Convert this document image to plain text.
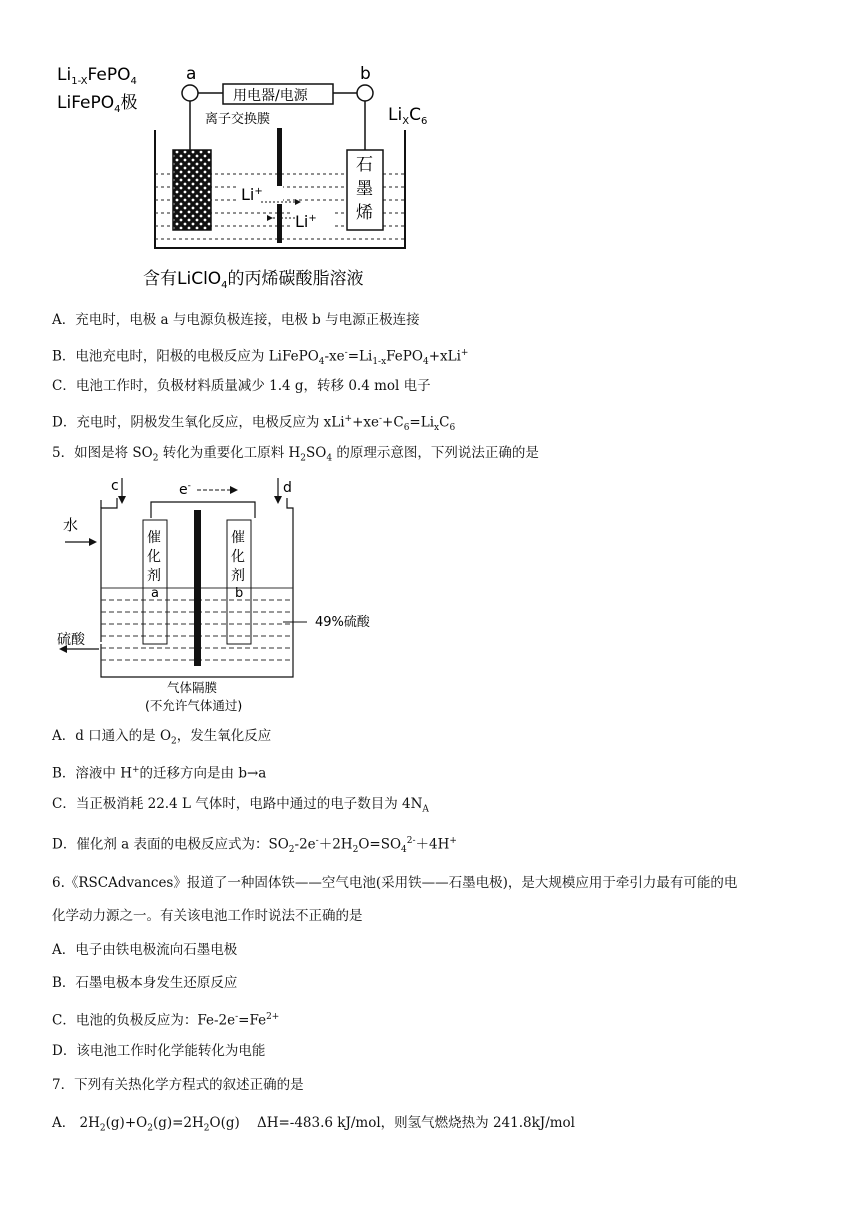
$Li_{1-X}FePO_4$
LiFePO$_4$极
a	b
用电器/电源
$Li_XC_6$
离子交换膜
石
墨
烯
Li+
Li+
含有LiClO$_4$的丙烯碳酸脂溶液
A．充电时，电极 a 与电源负极连接，电极 b 与电源正极连接
B．电池充电时，阳极的电极反应为 $LiFePO_4-xe^-=Li_{1-x}FePO_4+xLi^+$
C．电池工作时，负极材料质量减少 1.4 g，转移 0.4 mol 电子
D．充电时，阴极发生氧化反应，电极反应为 $xLi^++xe^-+C_6=Li_xC_6$
5．如图是将 $SO_2$ 转化为重要化工原料 $H_2SO_4$ 的原理示意图，下列说法正确的是
c	d
e-
水
硫酸
催
化
剂
a
催
化
剂
b
49%硫酸
气体隔膜
(不允许气体通过)
A．d 口通入的是 $O_2$，发生氧化反应
B．溶液中 H+的迁移方向是由 b→a
C．当正极消耗 22.4 L 气体时，电路中通过的电子数目为 $4N_A$
D．催化剂 a 表面的电极反应式为：$SO_2-2e^-+2H_2O=SO_4^{2-}+4H^+$
6.《RSCAdvances》报道了一种固体铁——空气电池(采用铁——石墨电极)，是大规模应用于牵引力最有可能的电
化学动力源之一。有关该电池工作时说法不正确的是
A．电子由铁电极流向石墨电极
B．石墨电极本身发生还原反应
C．电池的负极反应为：$Fe-2e^-=Fe^{2+}$
D．该电池工作时化学能转化为电能
7．下列有关热化学方程式的叙述正确的是
A． $2H_2(g)+O_2(g)=2H_2O(g)$    ΔH=-483.6 kJ/mol，则氢气燃烧热为 241.8kJ/mol
